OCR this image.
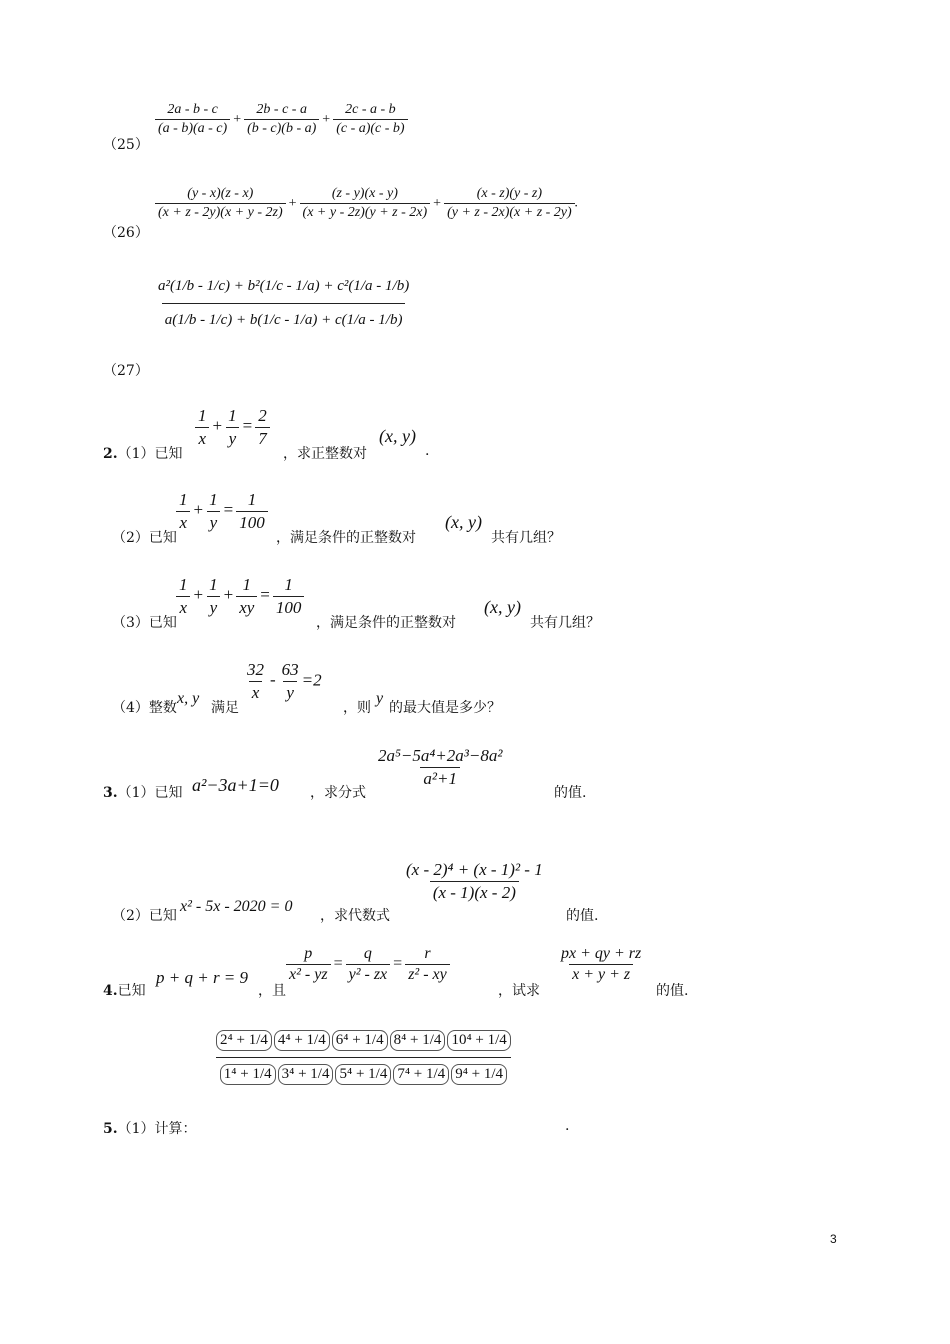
（25）
$\frac{2a - b - c}{(a - b)(a - c)} + \frac{2b - c - a}{(b - c)(b - a)} + \frac{2c - a - b}{(c - a)(c - b)}$
（26）
$\frac{(y - x)(z - x)}{(x + z - 2y)(x + y - 2z)} + \frac{(z - y)(x - y)}{(x + y - 2z)(y + z - 2x)} + \frac{(x - z)(y - z)}{(y + z - 2x)(x + z - 2y)}$ .
（27）
$\frac{\text{a²(1/b - 1/c) + b²(1/c - 1/a) + c²(1/a - 1/b)}}{a(1/b - 1/c) + b(1/c - 1/a) + c(1/a - 1/b)}$
2.（1）已知
$\frac{1}{x} + \frac{1}{y} = \frac{2}{7}$
，求正整数对
(x, y)
.
（2）已知
$\frac{1}{x} + \frac{1}{y} = \frac{1}{100}$
，满足条件的正整数对
(x, y)
共有几组？
（3）已知
$\frac{1}{x} + \frac{1}{y} + \frac{1}{xy} = \frac{1}{100}$
，满足条件的正整数对
(x, y)
共有几组？
（4）整数
x, y
满足
$\frac{32}{x} - \frac{63}{y} =2$
，则
y
的最大值是多少？
3.（1）已知 a²−3a+1=0 ，求分式
$\frac{\text{2a⁵−5a⁴+2a³−8a²}}{\text{a²+1}}$
的值.
（2）已知
x² - 5x - 2020 = 0
，求代数式
$\frac{\text{(x - 2)⁴ + (x - 1)² - 1}}{(x - 1)(x - 2)}$
的值.
4.已知
p + q + r = 9
，且
$\frac{p}{\text{x² - yz}} = \frac{q}{\text{y² - zx}} = \frac{r}{\text{z² - xy}}$
，试求
$\frac{px + qy + rz}{x + y + z}$
的值.
5.（1）计算：
$\frac{\text{2⁴ + 1/4 4⁴ + 1/4 6⁴ + 1/4 8⁴ + 1/4 10⁴ + 1/4}}{\text{1⁴ + 1/4 3⁴ + 1/4 5⁴ + 1/4 7⁴ + 1/4 9⁴ + 1/4}}$
.
3
